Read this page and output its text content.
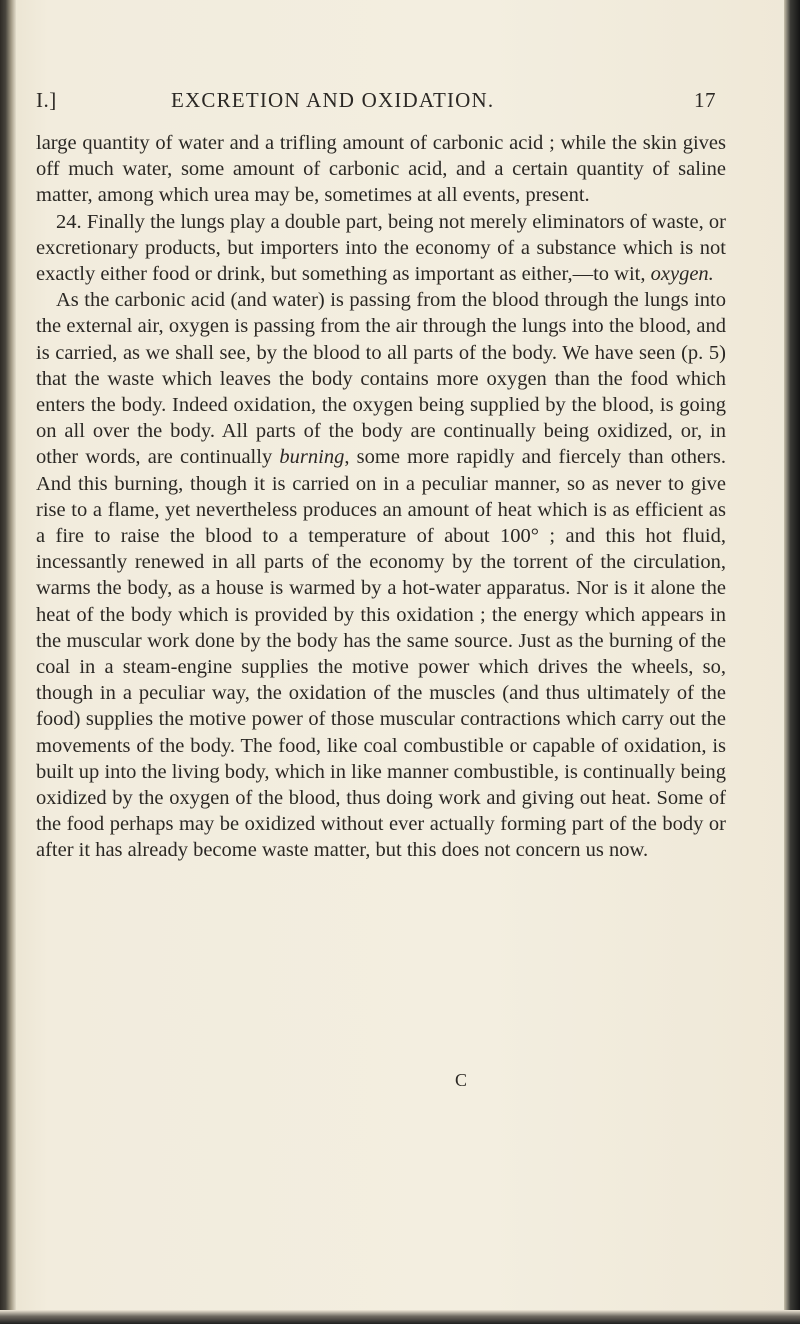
I.]	EXCRETION AND OXIDATION.	17

large quantity of water and a trifling amount of carbonic acid ; while the skin gives off much water, some amount of carbonic acid, and a certain quantity of saline matter, among which urea may be, sometimes at all events, present.

24. Finally the lungs play a double part, being not merely eliminators of waste, or excretionary products, but importers into the economy of a substance which is not exactly either food or drink, but something as important as either,—to wit, oxygen.

As the carbonic acid (and water) is passing from the blood through the lungs into the external air, oxygen is passing from the air through the lungs into the blood, and is carried, as we shall see, by the blood to all parts of the body. We have seen (p. 5) that the waste which leaves the body contains more oxygen than the food which enters the body. Indeed oxidation, the oxygen being supplied by the blood, is going on all over the body. All parts of the body are continually being oxidized, or, in other words, are continually burning, some more rapidly and fiercely than others. And this burning, though it is carried on in a peculiar manner, so as never to give rise to a flame, yet nevertheless produces an amount of heat which is as efficient as a fire to raise the blood to a temperature of about 100° ; and this hot fluid, incessantly renewed in all parts of the economy by the torrent of the circulation, warms the body, as a house is warmed by a hot-water apparatus. Nor is it alone the heat of the body which is provided by this oxidation ; the energy which appears in the muscular work done by the body has the same source. Just as the burning of the coal in a steam-engine supplies the motive power which drives the wheels, so, though in a peculiar way, the oxidation of the muscles (and thus ultimately of the food) supplies the motive power of those muscular contractions which carry out the movements of the body. The food, like coal combustible or capable of oxidation, is built up into the living body, which in like manner combustible, is continually being oxidized by the oxygen of the blood, thus doing work and giving out heat. Some of the food perhaps may be oxidized without ever actually forming part of the body or after it has already become waste matter, but this does not concern us now.

C
